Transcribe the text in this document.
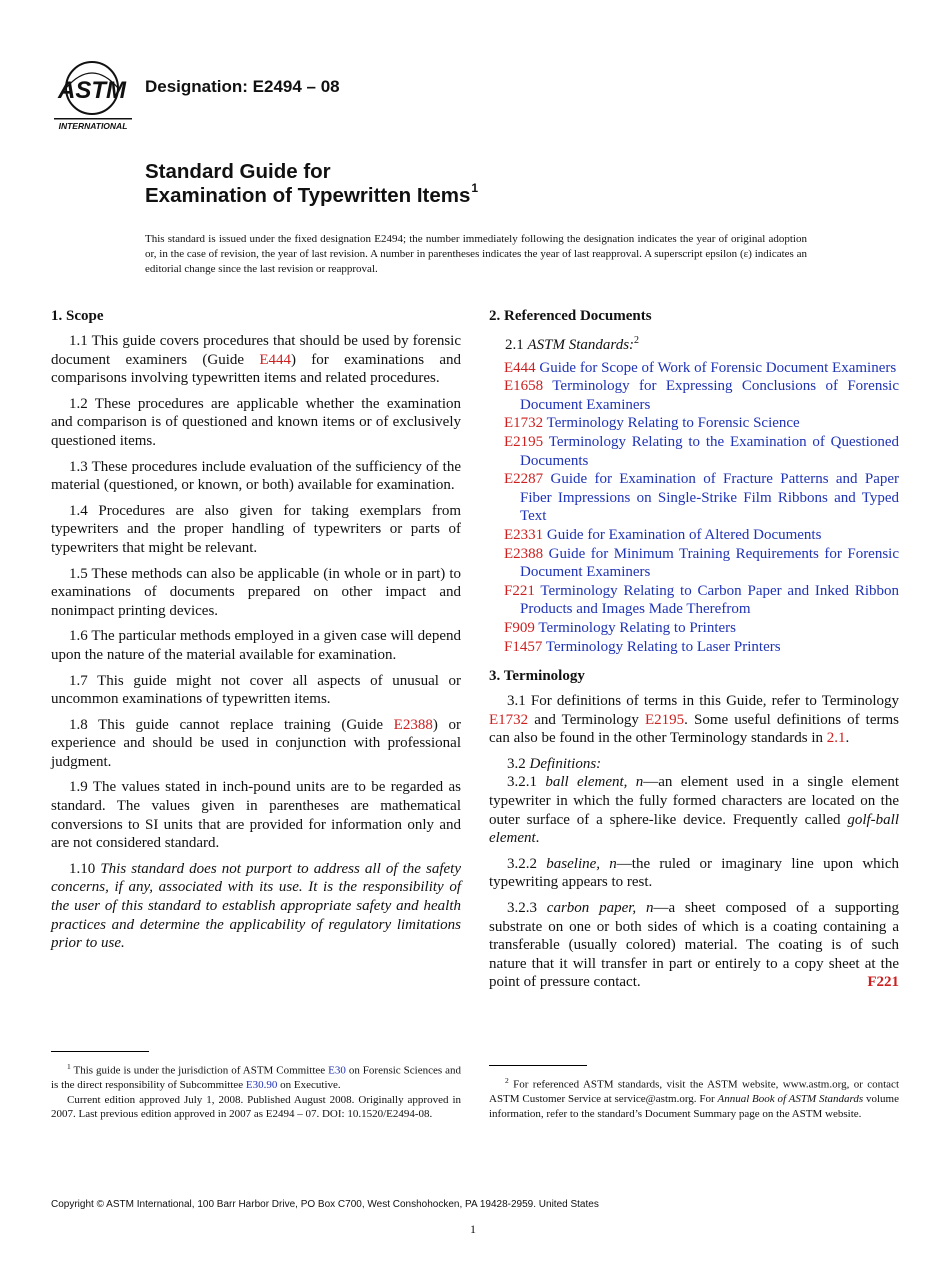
ASTM
INTERNATIONAL
Designation: E2494 – 08
Standard Guide for
Examination of Typewritten Items$^1$
This standard is issued under the fixed designation E2494; the number immediately following the designation indicates the year of original adoption or, in the case of revision, the year of last revision. A number in parentheses indicates the year of last reapproval. A superscript epsilon (ε) indicates an editorial change since the last revision or reapproval.
1. Scope

1.1 This guide covers procedures that should be used by forensic document examiners (Guide E444) for examinations and comparisons involving typewritten items and related procedures.

1.2 These procedures are applicable whether the examination and comparison is of questioned and known items or of exclusively questioned items.

1.3 These procedures include evaluation of the sufficiency of the material (questioned, or known, or both) available for examination.

1.4 Procedures are also given for taking exemplars from typewriters and the proper handling of typewriters or parts of typewriters that might be relevant.

1.5 These methods can also be applicable (in whole or in part) to examinations of documents prepared on other impact and nonimpact printing devices.

1.6 The particular methods employed in a given case will depend upon the nature of the material available for examination.

1.7 This guide might not cover all aspects of unusual or uncommon examinations of typewritten items.

1.8 This guide cannot replace training (Guide E2388) or experience and should be used in conjunction with professional judgment.

1.9 The values stated in inch-pound units are to be regarded as standard. The values given in parentheses are mathematical conversions to SI units that are provided for information only and are not considered standard.

1.10 This standard does not purport to address all of the safety concerns, if any, associated with its use. It is the responsibility of the user of this standard to establish appropriate safety and health practices and determine the applicability of regulatory limitations prior to use.

2. Referenced Documents
2.1 ASTM Standards:$^2$
E444 Guide for Scope of Work of Forensic Document Examiners
E1658 Terminology for Expressing Conclusions of Forensic Document Examiners
E1732 Terminology Relating to Forensic Science
E2195 Terminology Relating to the Examination of Questioned Documents
E2287 Guide for Examination of Fracture Patterns and Paper Fiber Impressions on Single-Strike Film Ribbons and Typed Text
E2331 Guide for Examination of Altered Documents
E2388 Guide for Minimum Training Requirements for Forensic Document Examiners
F221 Terminology Relating to Carbon Paper and Inked Ribbon Products and Images Made Therefrom
F909 Terminology Relating to Printers
F1457 Terminology Relating to Laser Printers
3. Terminology

3.1 For definitions of terms in this Guide, refer to Terminology E1732 and Terminology E2195. Some useful definitions of terms can also be found in the other Terminology standards in 2.1.

3.2 Definitions:

3.2.1 ball element, n—an element used in a single element typewriter in which the fully formed characters are located on the outer surface of a sphere-like device. Frequently called golf-ball element.

3.2.2 baseline, n—the ruled or imaginary line upon which typewriting appears to rest.

3.2.3 carbon paper, n—a sheet composed of a supporting substrate on one or both sides of which is a coating containing a transferable (usually colored) material. The coating is of such nature that it will transfer in part or entirely to a copy sheet at the point of pressure contact.	F221

$^1$ This guide is under the jurisdiction of ASTM Committee E30 on Forensic Sciences and is the direct responsibility of Subcommittee E30.90 on Executive.

Current edition approved July 1, 2008. Published August 2008. Originally approved in 2007. Last previous edition approved in 2007 as E2494 – 07. DOI: 10.1520/E2494-08.

$^2$ For referenced ASTM standards, visit the ASTM website, www.astm.org, or contact ASTM Customer Service at service@astm.org. For Annual Book of ASTM Standards volume information, refer to the standard’s Document Summary page on the ASTM website.

Copyright © ASTM International, 100 Barr Harbor Drive, PO Box C700, West Conshohocken, PA 19428-2959. United States
1
